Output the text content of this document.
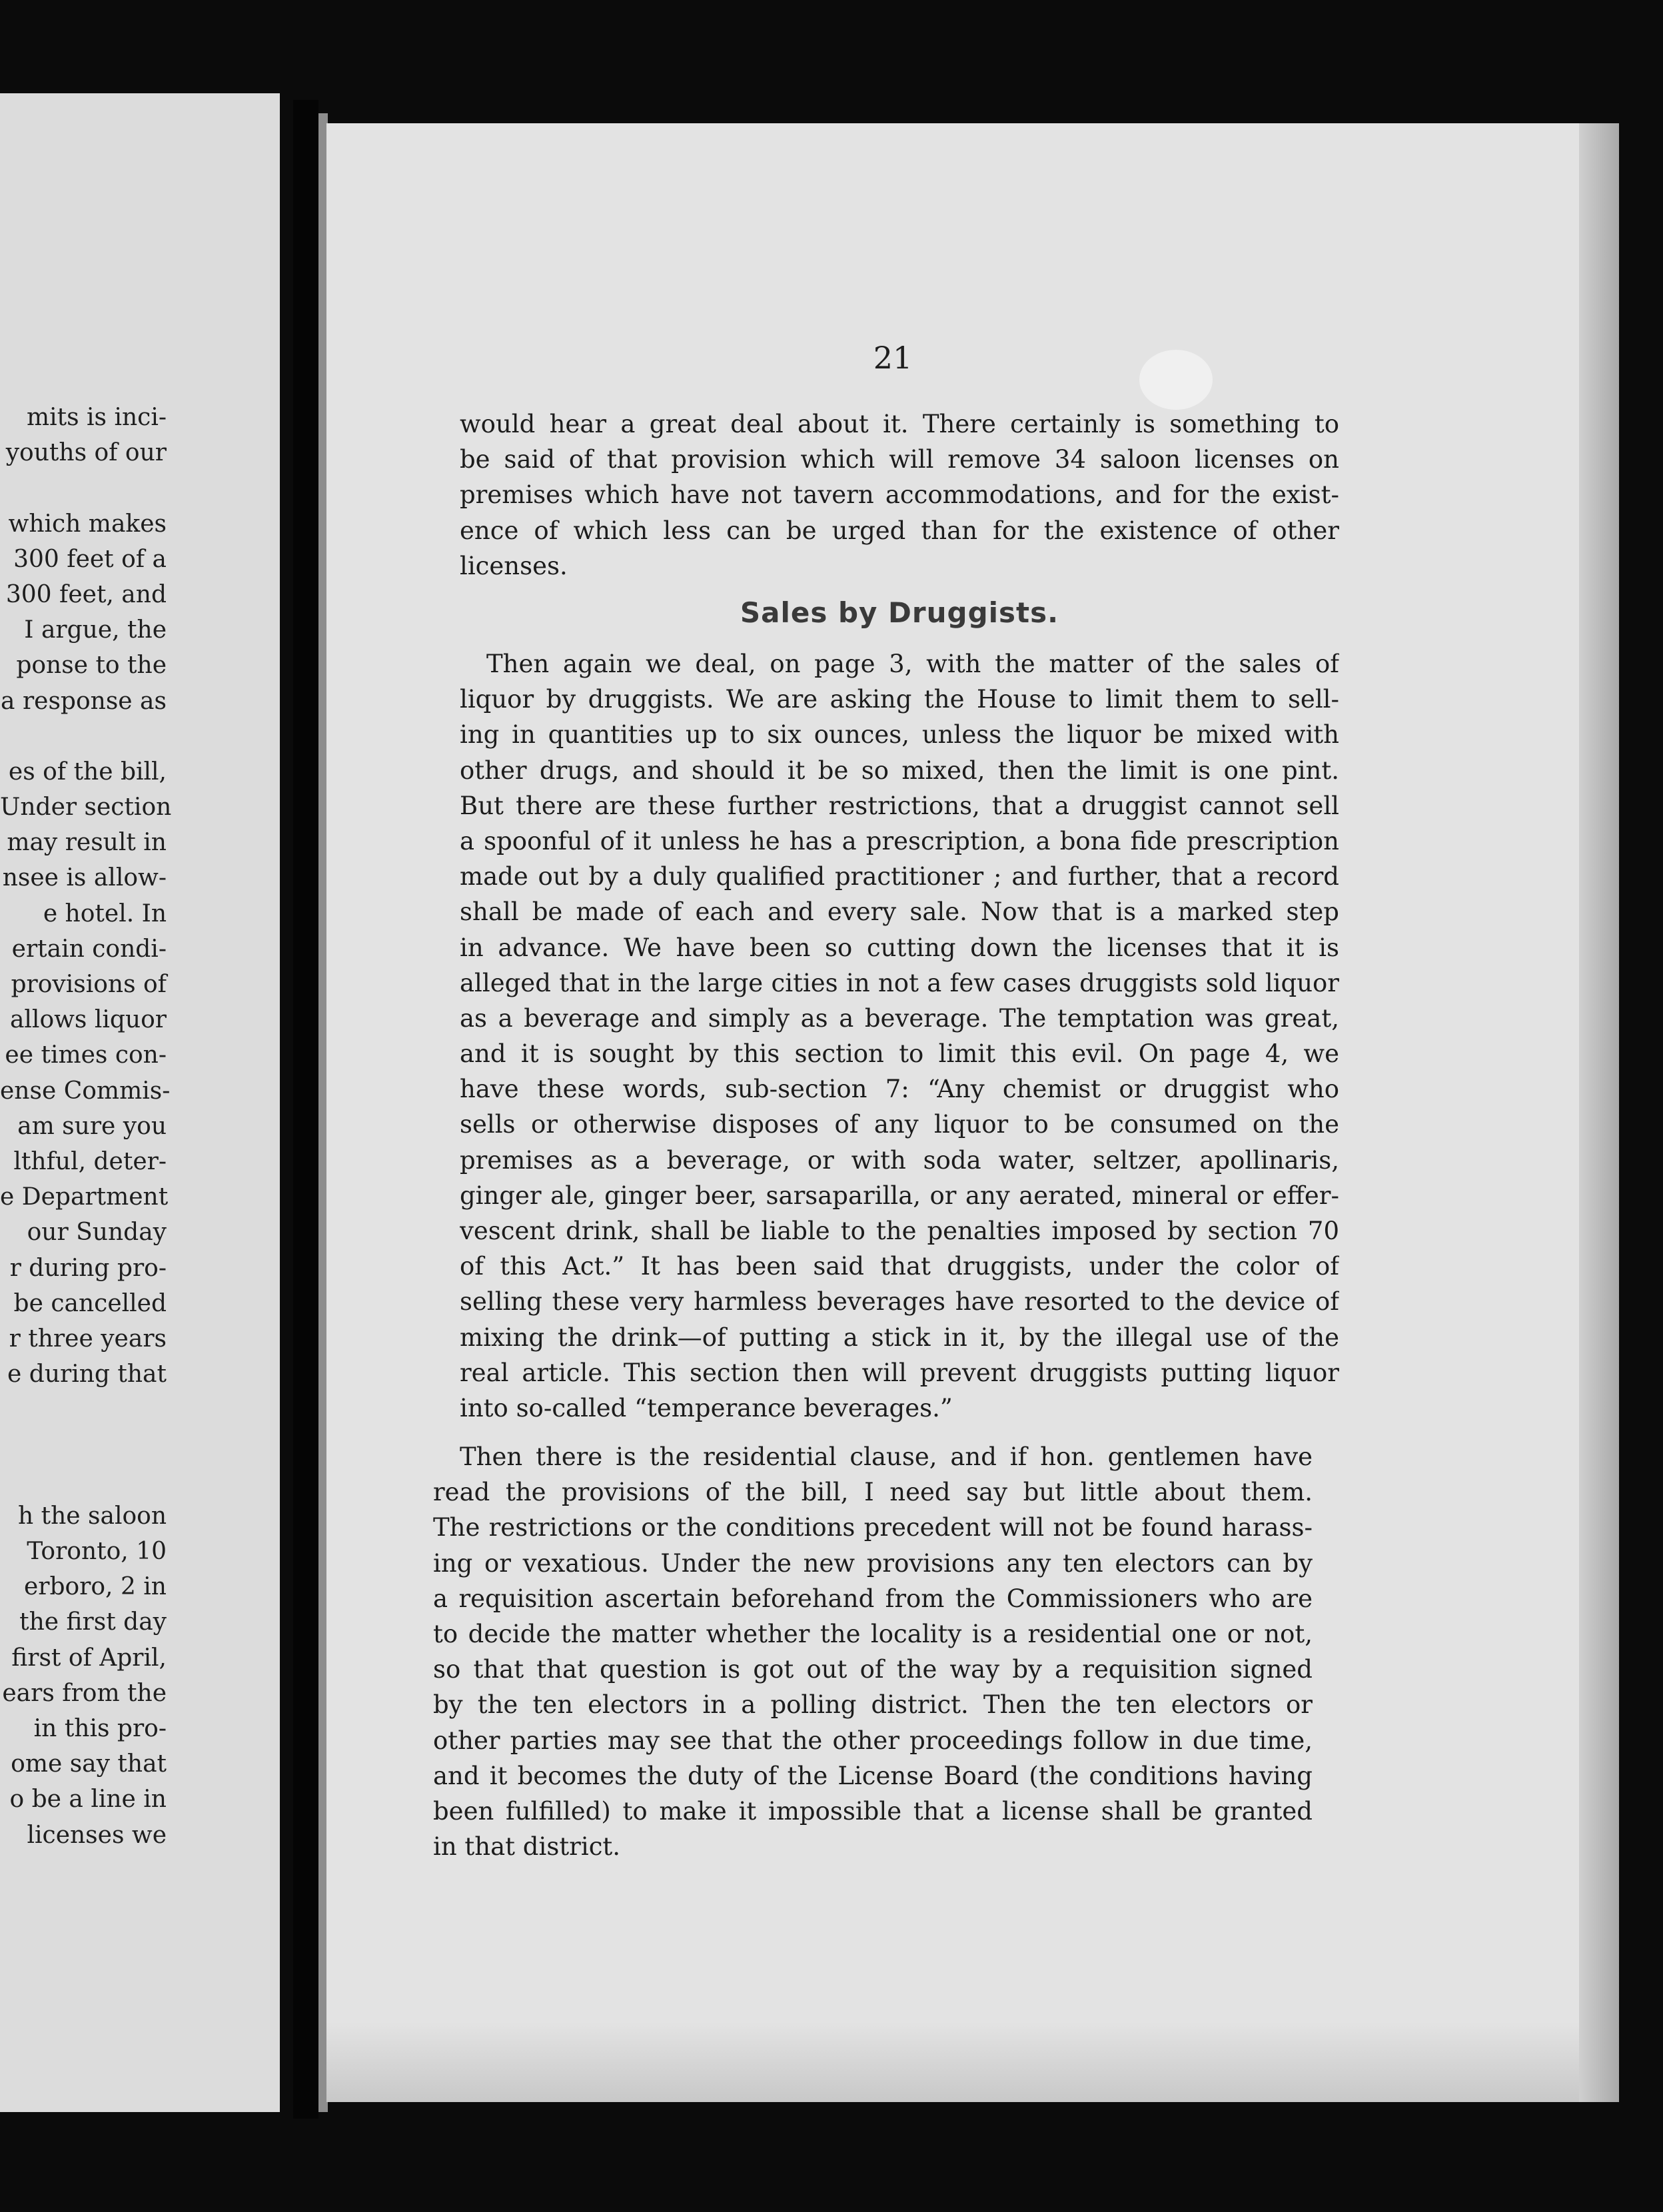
mits is inci-
youths of our
which makes
300 feet of a
300 feet, and
I argue, the
ponse to the
a response as
es of the bill,
Under section
may result in
nsee is allow-
e hotel. In
ertain condi-
provisions of
allows liquor
ee times con-
ense Commis-
am sure you
lthful, deter-
e Department
our Sunday
r during pro-
be cancelled
r three years
e during that
h the saloon
Toronto, 10
erboro, 2 in
the first day
first of April,
ears from the
in this pro-
ome say that
o be a line in
licenses we
21
would hear a great deal about it. There certainly is something to
be said of that provision which will remove 34 saloon licenses on
premises which have not tavern accommodations, and for the exist-
ence of which less can be urged than for the existence of other
licenses.
Sales by Druggists.
Then again we deal, on page 3, with the matter of the sales of
liquor by druggists. We are asking the House to limit them to sell-
ing in quantities up to six ounces, unless the liquor be mixed with
other drugs, and should it be so mixed, then the limit is one pint.
But there are these further restrictions, that a druggist cannot sell
a spoonful of it unless he has a prescription, a bona fide prescription
made out by a duly qualified practitioner ; and further, that a record
shall be made of each and every sale. Now that is a marked step
in advance. We have been so cutting down the licenses that it is
alleged that in the large cities in not a few cases druggists sold liquor
as a beverage and simply as a beverage. The temptation was great,
and it is sought by this section to limit this evil. On page 4, we
have these words, sub-section 7: “Any chemist or druggist who
sells or otherwise disposes of any liquor to be consumed on the
premises as a beverage, or with soda water, seltzer, apollinaris,
ginger ale, ginger beer, sarsaparilla, or any aerated, mineral or effer-
vescent drink, shall be liable to the penalties imposed by section 70
of this Act.” It has been said that druggists, under the color of
selling these very harmless beverages have resorted to the device of
mixing the drink—of putting a stick in it, by the illegal use of the
real article. This section then will prevent druggists putting liquor
into so-called “temperance beverages.”
Then there is the residential clause, and if hon. gentlemen have
read the provisions of the bill, I need say but little about them.
The restrictions or the conditions precedent will not be found harass-
ing or vexatious. Under the new provisions any ten electors can by
a requisition ascertain beforehand from the Commissioners who are
to decide the matter whether the locality is a residential one or not,
so that that question is got out of the way by a requisition signed
by the ten electors in a polling district. Then the ten electors or
other parties may see that the other proceedings follow in due time,
and it becomes the duty of the License Board (the conditions having
been fulfilled) to make it impossible that a license shall be granted
in that district.
